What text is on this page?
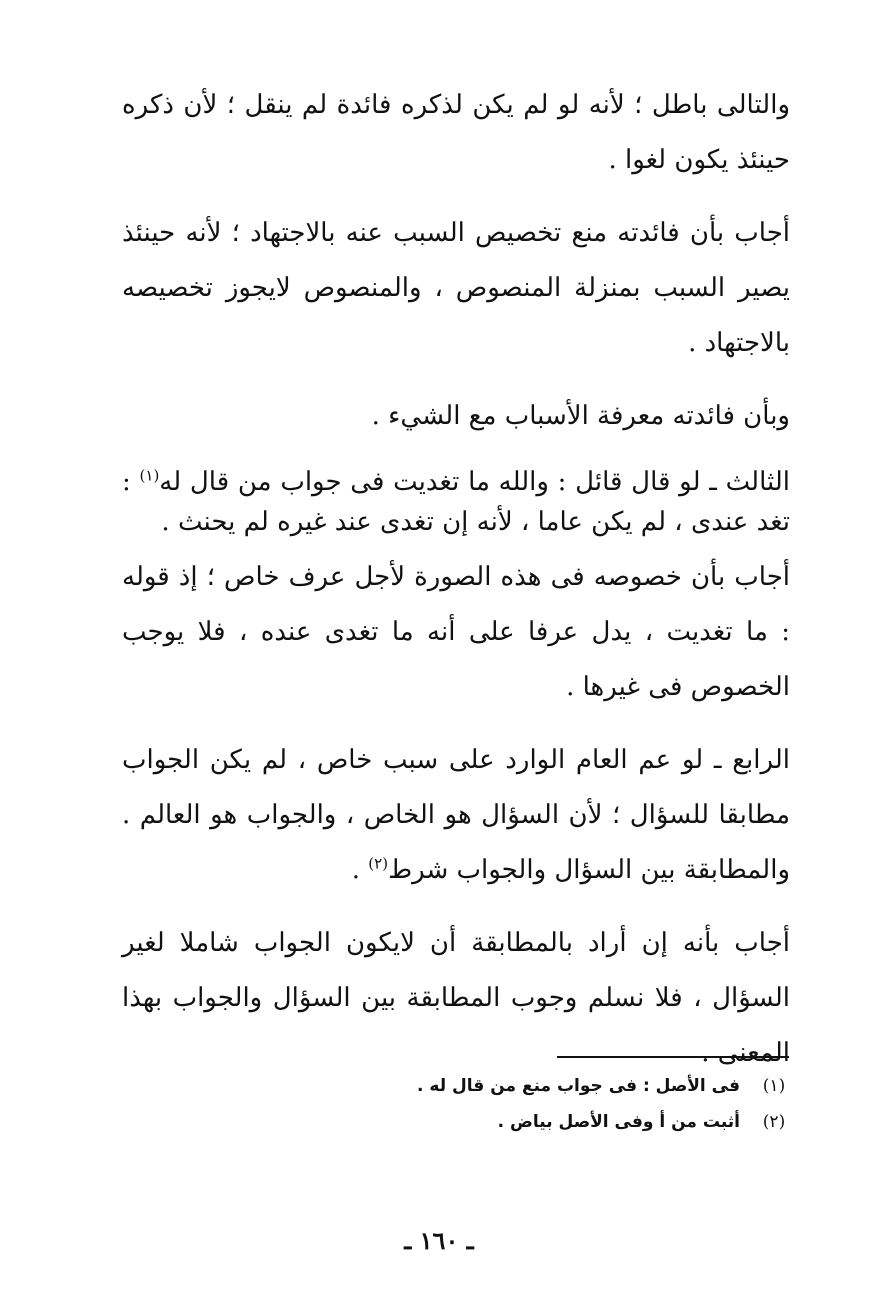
والتالى باطل ؛ لأنه لو لم يكن لذكره فائدة لم ينقل ؛ لأن ذكره حينئذ يكون لغوا .

أجاب بأن فائدته منع تخصيص السبب عنه بالاجتهاد ؛ لأنه حينئذ يصير السبب بمنزلة المنصوص ، والمنصوص لايجوز تخصيصه بالاجتهاد .

وبأن فائدته معرفة الأسباب مع الشيء .

الثالث ـ لو قال قائل : والله ما تغديت فى جواب من قال له$^{(١)}$ : تغد عندى ، لم يكن عاما ، لأنه إن تغدى عند غيره لم يحنث .

أجاب بأن خصوصه فى هذه الصورة لأجل عرف خاص ؛ إذ قوله : ما تغديت ، يدل عرفا على أنه ما تغدى عنده ، فلا يوجب الخصوص فى غيرها .

الرابع ـ لو عم العام الوارد على سبب خاص ، لم يكن الجواب مطابقا للسؤال ؛ لأن السؤال هو الخاص ، والجواب هو العالم . والمطابقة بين السؤال والجواب شرط$^{(٢)}$ .

أجاب بأنه إن أراد بالمطابقة أن لايكون الجواب شاملا لغير السؤال ، فلا نسلم وجوب المطابقة بين السؤال والجواب بهذا المعنى .

(١)
فى الأصل : فى جواب منع من قال له .
(٢)
أثبت من أ وفى الأصل بياض .
ـ ١٦٠ ـ
